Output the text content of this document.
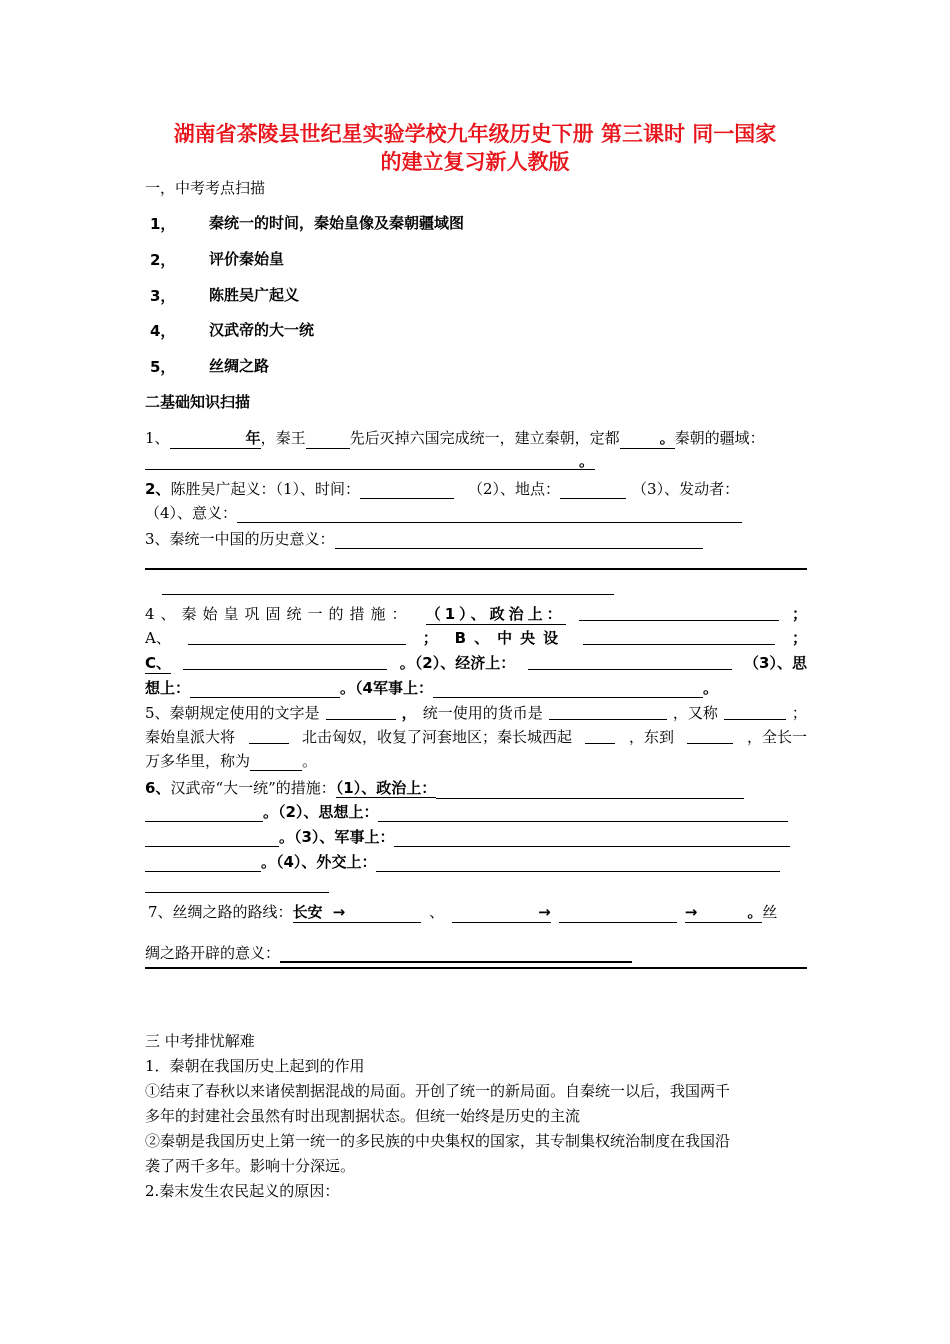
湖南省茶陵县世纪星实验学校九年级历史下册 第三课时 同一国家
的建立复习新人教版
一，中考考点扫描
1， 秦统一的时间，秦始皇像及秦朝疆域图
2， 评价秦始皇
3， 陈胜吴广起义
4， 汉武帝的大一统
5， 丝绸之路
二基础知识扫描
1、	年，秦王	先后灭掉六国完成统一，建立秦朝，定都	。秦朝的疆域：
。
2、陈胜吴广起义：（1）、时间：	（2）、地点：	（3）、发动者：
（4）、意义：
3、秦统一中国的历史意义：
4、秦始皇巩固统一的措施： （1）、政治上：	；
A、	； B、中央设	；
C、	。（2）、经济上：	（3）、思
想上：	。（4军事上：	。
5、秦朝规定使用的文字是	， 统一使用的货币是	，又称	；
秦始皇派大将	北击匈奴，收复了河套地区；秦长城西起	，东到	，全长一
万多华里，称为	。
6、汉武帝“大一统”的措施：（1）、政治上：
。（2）、思想上：
。（3）、军事上：
。（4）、外交上：
7、丝绸之路的路线：长安 →	、	→	→	。丝
绸之路开辟的意义：
三 中考排忧解难
1．秦朝在我国历史上起到的作用
①结束了春秋以来诸侯割据混战的局面。开创了统一的新局面。自秦统一以后，我国两千
多年的封建社会虽然有时出现割据状态。但统一始终是历史的主流
②秦朝是我国历史上第一统一的多民族的中央集权的国家，其专制集权统治制度在我国沿
袭了两千多年。影响十分深远。
2.秦末发生农民起义的原因：
